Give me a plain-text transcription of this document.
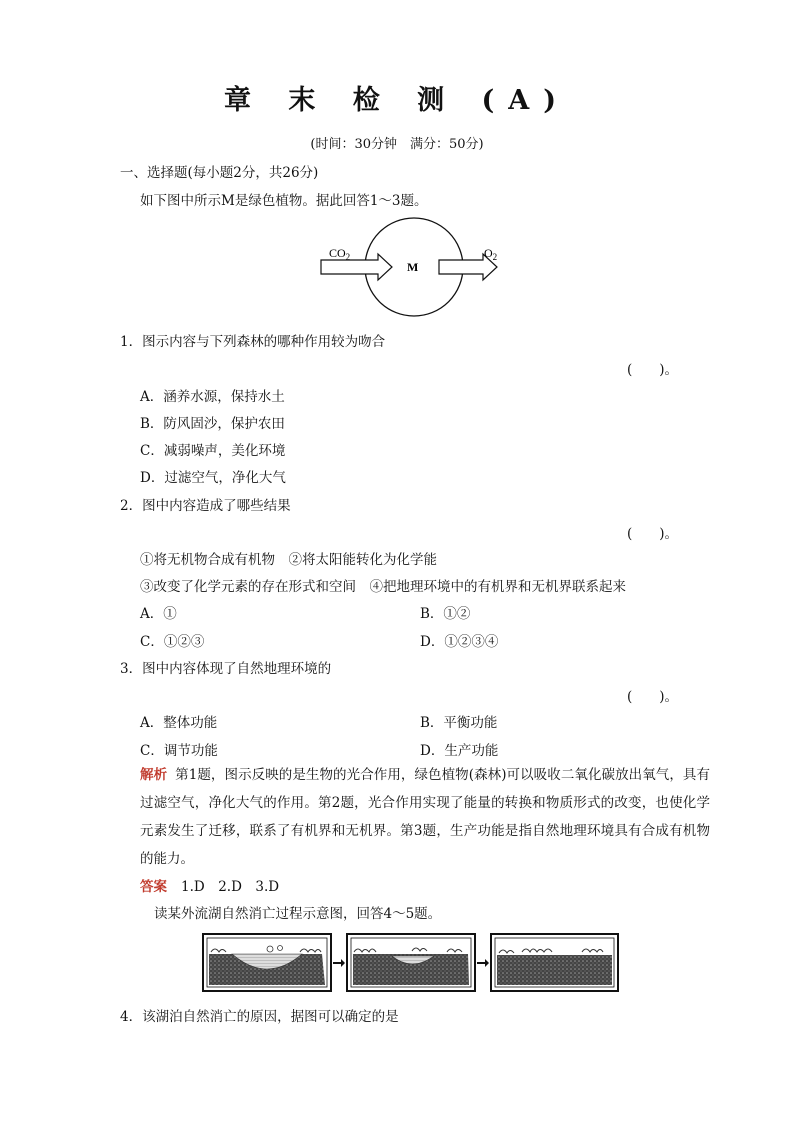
章 末 检 测 (A)
(时间：30分钟　满分：50分)
一、选择题(每小题2分，共26分)
如下图中所示M是绿色植物。据此回答1～3题。
$CO_2$
M
$O_2$
1．图示内容与下列森林的哪种作用较为吻合
(　　)。
A．涵养水源，保持水土
B．防风固沙，保护农田
C．减弱噪声，美化环境
D．过滤空气，净化大气
2．图中内容造成了哪些结果
(　　)。
①将无机物合成有机物　②将太阳能转化为化学能
③改变了化学元素的存在形式和空间　④把地理环境中的有机界和无机界联系起来
A．①	B．①②
C．①②③	D．①②③④
3．图中内容体现了自然地理环境的
(　　)。
A．整体功能	B．平衡功能
C．调节功能	D．生产功能
解析 第1题，图示反映的是生物的光合作用，绿色植物(森林)可以吸收二氧化碳放出氧气，具有过滤空气，净化大气的作用。第2题，光合作用实现了能量的转换和物质形式的改变，也使化学元素发生了迁移，联系了有机界和无机界。第3题，生产功能是指自然地理环境具有合成有机物的能力。
答案 1.D　2.D　3.D
读某外流湖自然消亡过程示意图，回答4～5题。
4．该湖泊自然消亡的原因，据图可以确定的是
